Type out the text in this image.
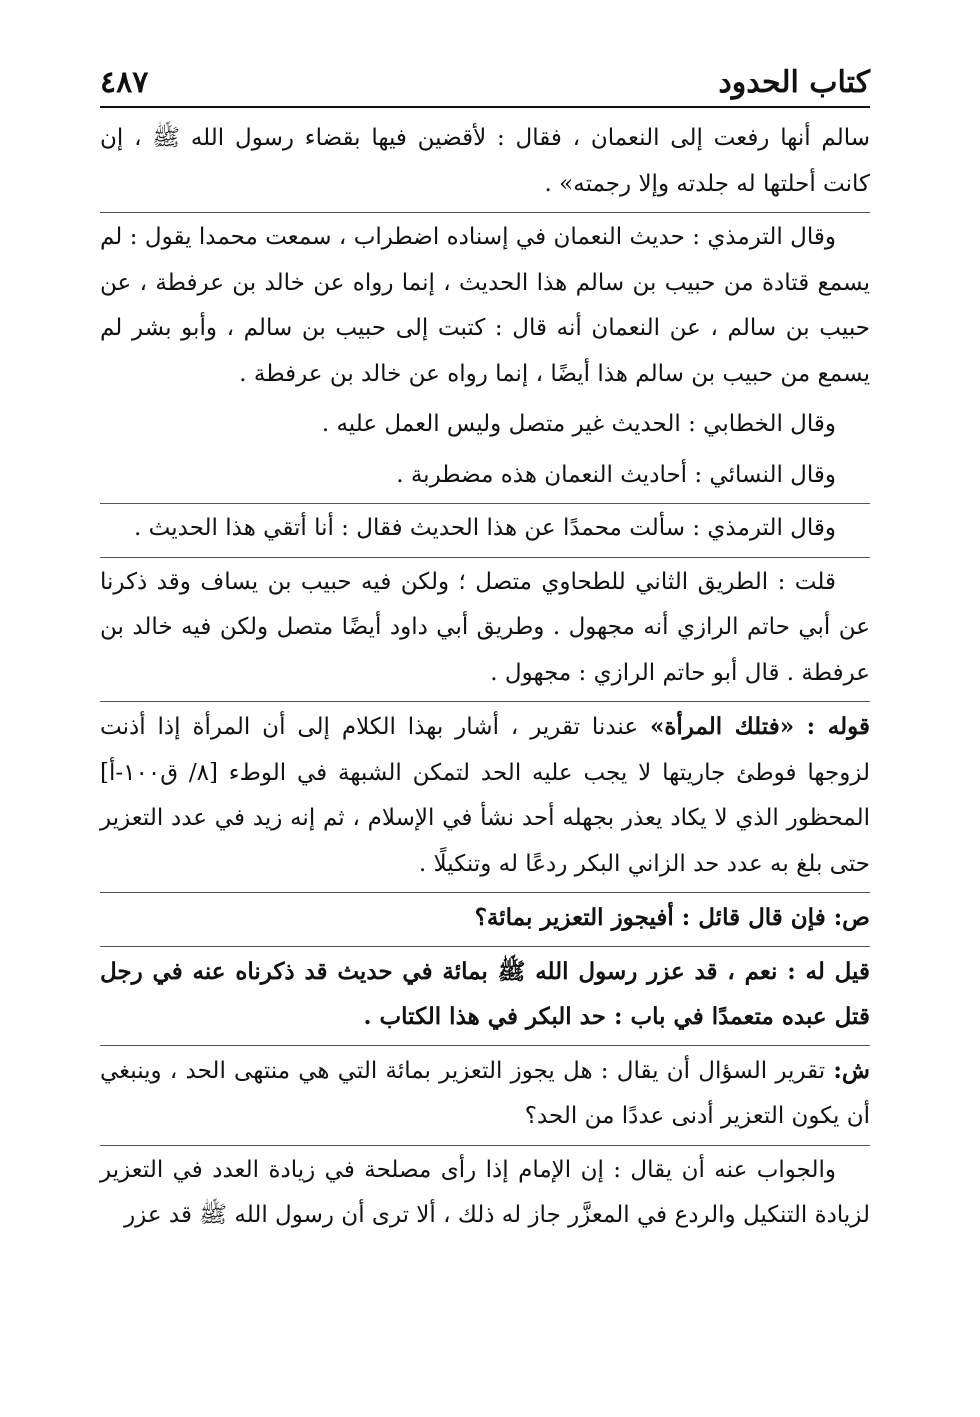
كتاب الحدود
٤٨٧

سالم أنها رفعت إلى النعمان ، فقال : لأقضين فيها بقضاء رسول الله ﷺ ، إن كانت أحلتها له جلدته وإلا رجمته» .

وقال الترمذي : حديث النعمان في إسناده اضطراب ، سمعت محمدا يقول : لم يسمع قتادة من حبيب بن سالم هذا الحديث ، إنما رواه عن خالد بن عرفطة ، عن حبيب بن سالم ، عن النعمان أنه قال : كتبت إلى حبيب بن سالم ، وأبو بشر لم يسمع من حبيب بن سالم هذا أيضًا ، إنما رواه عن خالد بن عرفطة .

وقال الخطابي : الحديث غير متصل وليس العمل عليه .

وقال النسائي : أحاديث النعمان هذه مضطربة .

وقال الترمذي : سألت محمدًا عن هذا الحديث فقال : أنا أتقي هذا الحديث .

قلت : الطريق الثاني للطحاوي متصل ؛ ولكن فيه حبيب بن يساف وقد ذكرنا عن أبي حاتم الرازي أنه مجهول . وطريق أبي داود أيضًا متصل ولكن فيه خالد بن عرفطة . قال أبو حاتم الرازي : مجهول .

قوله : «فتلك المرأة» عندنا تقرير ، أشار بهذا الكلام إلى أن المرأة إذا أذنت لزوجها فوطئ جاريتها لا يجب عليه الحد لتمكن الشبهة في الوطء [٨/ ق١٠٠-أ] المحظور الذي لا يكاد يعذر بجهله أحد نشأ في الإسلام ، ثم إنه زيد في عدد التعزير حتى بلغ به عدد حد الزاني البكر ردعًا له وتنكيلًا .

ص: فإن قال قائل : أفيجوز التعزير بمائة؟

قيل له : نعم ، قد عزر رسول الله ﷺ بمائة في حديث قد ذكرناه عنه في رجل قتل عبده متعمدًا في باب : حد البكر في هذا الكتاب .

ش: تقرير السؤال أن يقال : هل يجوز التعزير بمائة التي هي منتهى الحد ، وينبغي أن يكون التعزير أدنى عددًا من الحد؟

والجواب عنه أن يقال : إن الإمام إذا رأى مصلحة في زيادة العدد في التعزير لزيادة التنكيل والردع في المعزَّر جاز له ذلك ، ألا ترى أن رسول الله ﷺ قد عزر
